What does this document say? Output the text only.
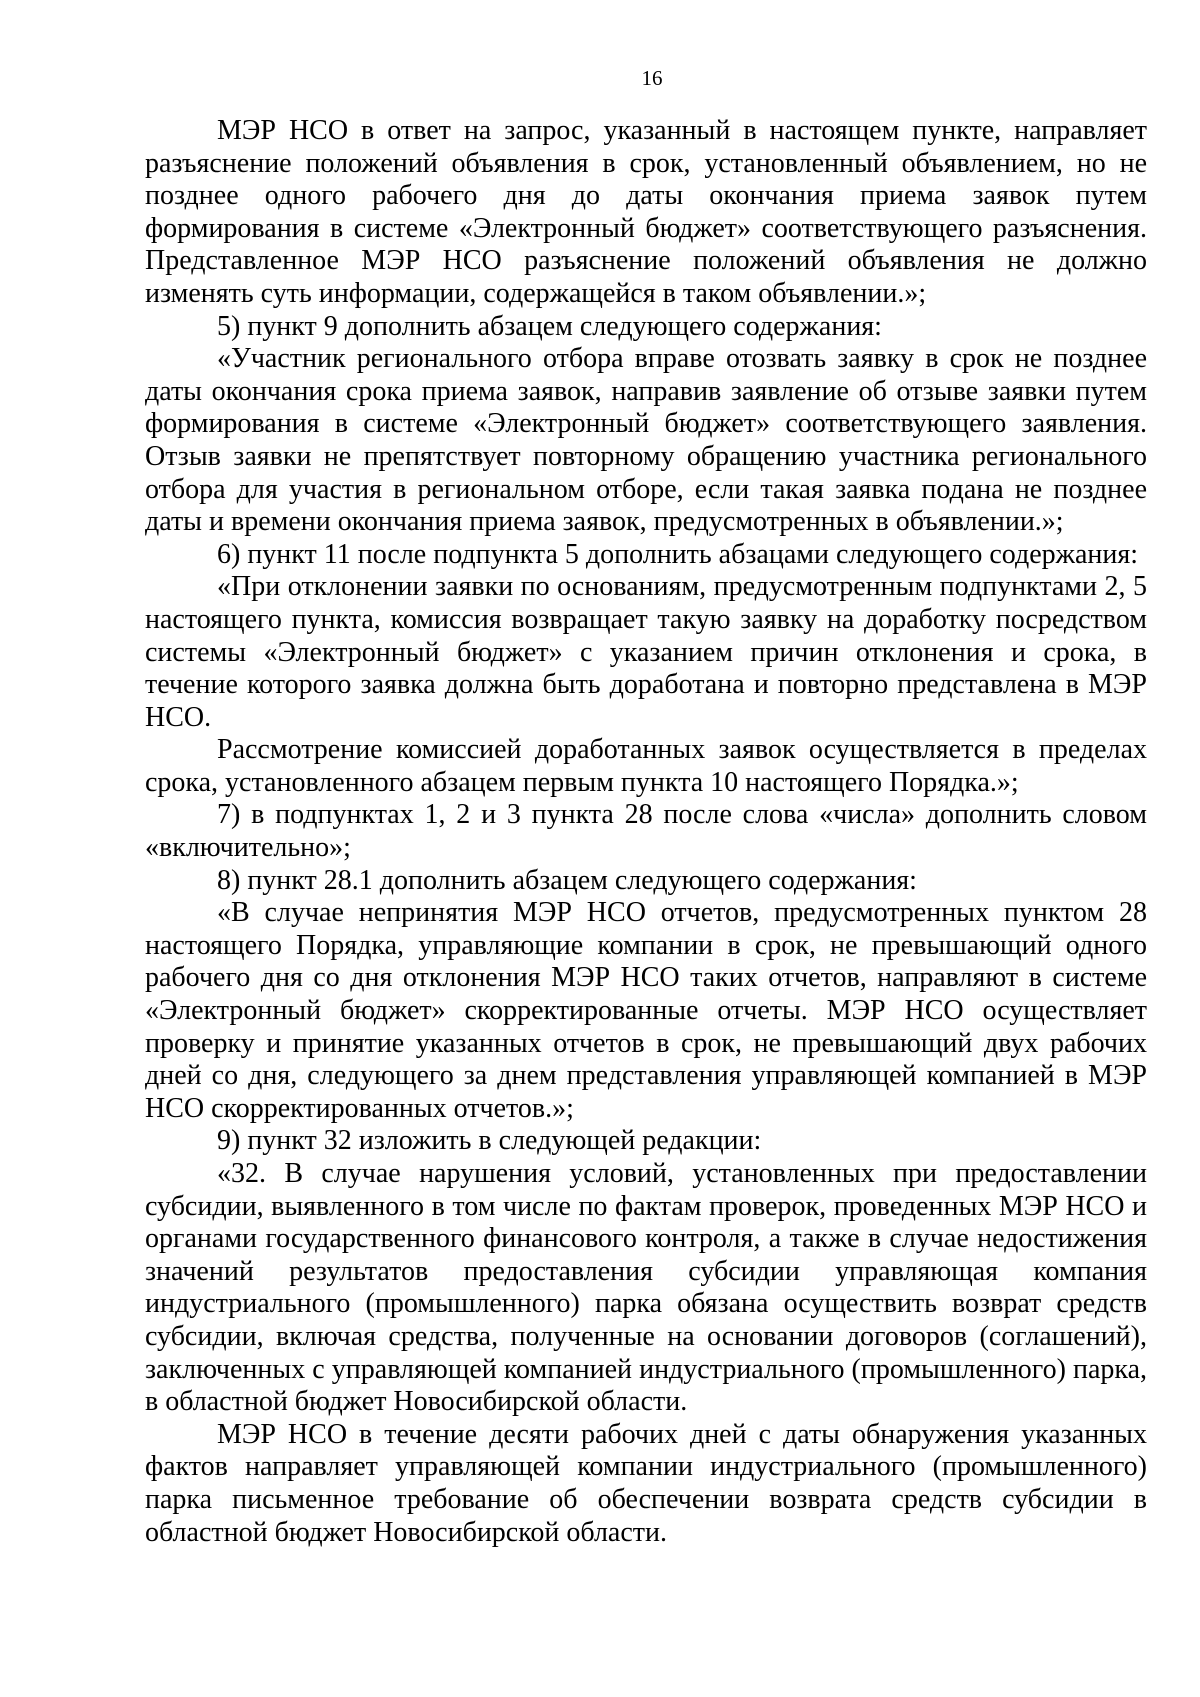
16

МЭР НСО в ответ на запрос, указанный в настоящем пункте, направляет разъяснение положений объявления в срок, установленный объявлением, но не позднее одного рабочего дня до даты окончания приема заявок путем формирования в системе «Электронный бюджет» соответствующего разъяснения. Представленное МЭР НСО разъяснение положений объявления не должно изменять суть информации, содержащейся в таком объявлении.»;

5) пункт 9 дополнить абзацем следующего содержания:

«Участник регионального отбора вправе отозвать заявку в срок не позднее даты окончания срока приема заявок, направив заявление об отзыве заявки путем формирования в системе «Электронный бюджет» соответствующего заявления. Отзыв заявки не препятствует повторному обращению участника регионального отбора для участия в региональном отборе, если такая заявка подана не позднее даты и времени окончания приема заявок, предусмотренных в объявлении.»;

6) пункт 11 после подпункта 5 дополнить абзацами следующего содержания:

«При отклонении заявки по основаниям, предусмотренным подпунктами 2, 5 настоящего пункта, комиссия возвращает такую заявку на доработку посредством системы «Электронный бюджет» с указанием причин отклонения и срока, в течение которого заявка должна быть доработана и повторно представлена в МЭР НСО.

Рассмотрение комиссией доработанных заявок осуществляется в пределах срока, установленного абзацем первым пункта 10 настоящего Порядка.»;

7) в подпунктах 1, 2 и 3 пункта 28 после слова «числа» дополнить словом «включительно»;

8) пункт 28.1 дополнить абзацем следующего содержания:

«В случае непринятия МЭР НСО отчетов, предусмотренных пунктом 28 настоящего Порядка, управляющие компании в срок, не превышающий одного рабочего дня со дня отклонения МЭР НСО таких отчетов, направляют в системе «Электронный бюджет» скорректированные отчеты. МЭР НСО осуществляет проверку и принятие указанных отчетов в срок, не превышающий двух рабочих дней со дня, следующего за днем представления управляющей компанией в МЭР НСО скорректированных отчетов.»;

9) пункт 32 изложить в следующей редакции:

«32. В случае нарушения условий, установленных при предоставлении субсидии, выявленного в том числе по фактам проверок, проведенных МЭР НСО и органами государственного финансового контроля, а также в случае недостижения значений результатов предоставления субсидии управляющая компания индустриального (промышленного) парка обязана осуществить возврат средств субсидии, включая средства, полученные на основании договоров (соглашений), заключенных с управляющей компанией индустриального (промышленного) парка, в областной бюджет Новосибирской области.

МЭР НСО в течение десяти рабочих дней с даты обнаружения указанных фактов направляет управляющей компании индустриального (промышленного) парка письменное требование об обеспечении возврата средств субсидии в областной бюджет Новосибирской области.
